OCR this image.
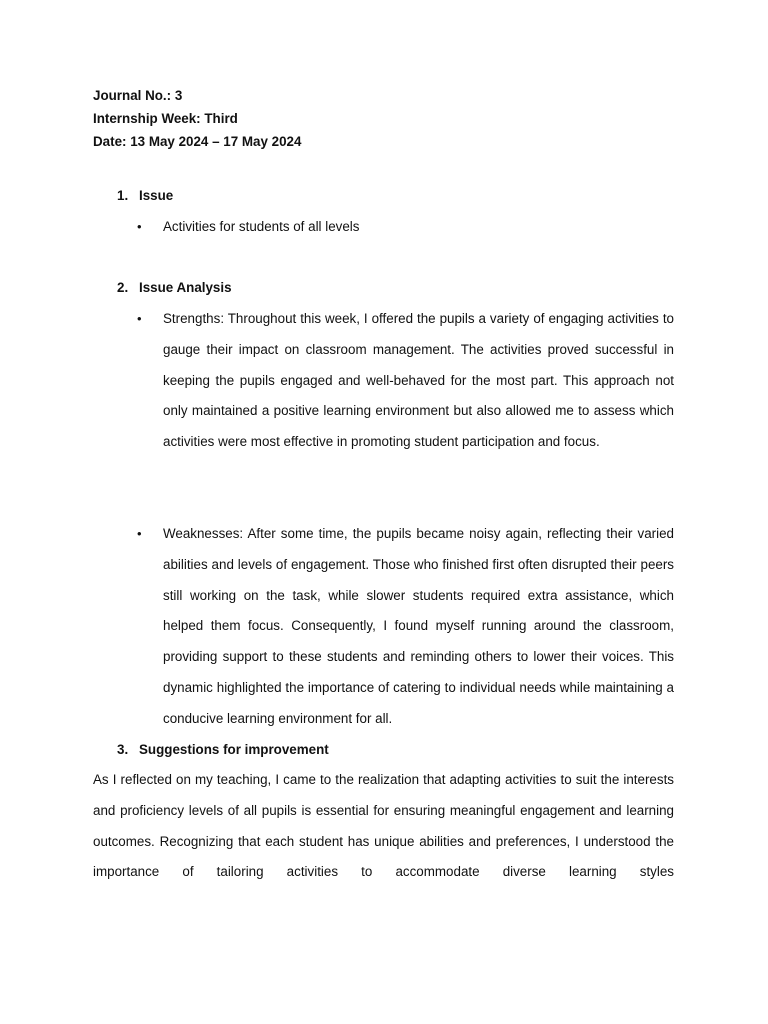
Journal No.: 3
Internship Week: Third
Date: 13 May 2024 – 17 May 2024
1. Issue
• Activities for students of all levels
2. Issue Analysis
• Strengths: Throughout this week, I offered the pupils a variety of engaging activities to gauge their impact on classroom management. The activities proved successful in keeping the pupils engaged and well-behaved for the most part. This approach not only maintained a positive learning environment but also allowed me to assess which activities were most effective in promoting student participation and focus.
• Weaknesses: After some time, the pupils became noisy again, reflecting their varied abilities and levels of engagement. Those who finished first often disrupted their peers still working on the task, while slower students required extra assistance, which helped them focus. Consequently, I found myself running around the classroom, providing support to these students and reminding others to lower their voices. This dynamic highlighted the importance of catering to individual needs while maintaining a conducive learning environment for all.
3. Suggestions for improvement
As I reflected on my teaching, I came to the realization that adapting activities to suit the interests and proficiency levels of all pupils is essential for ensuring meaningful engagement and learning outcomes. Recognizing that each student has unique abilities and preferences, I understood the importance of tailoring activities to accommodate diverse learning styles
